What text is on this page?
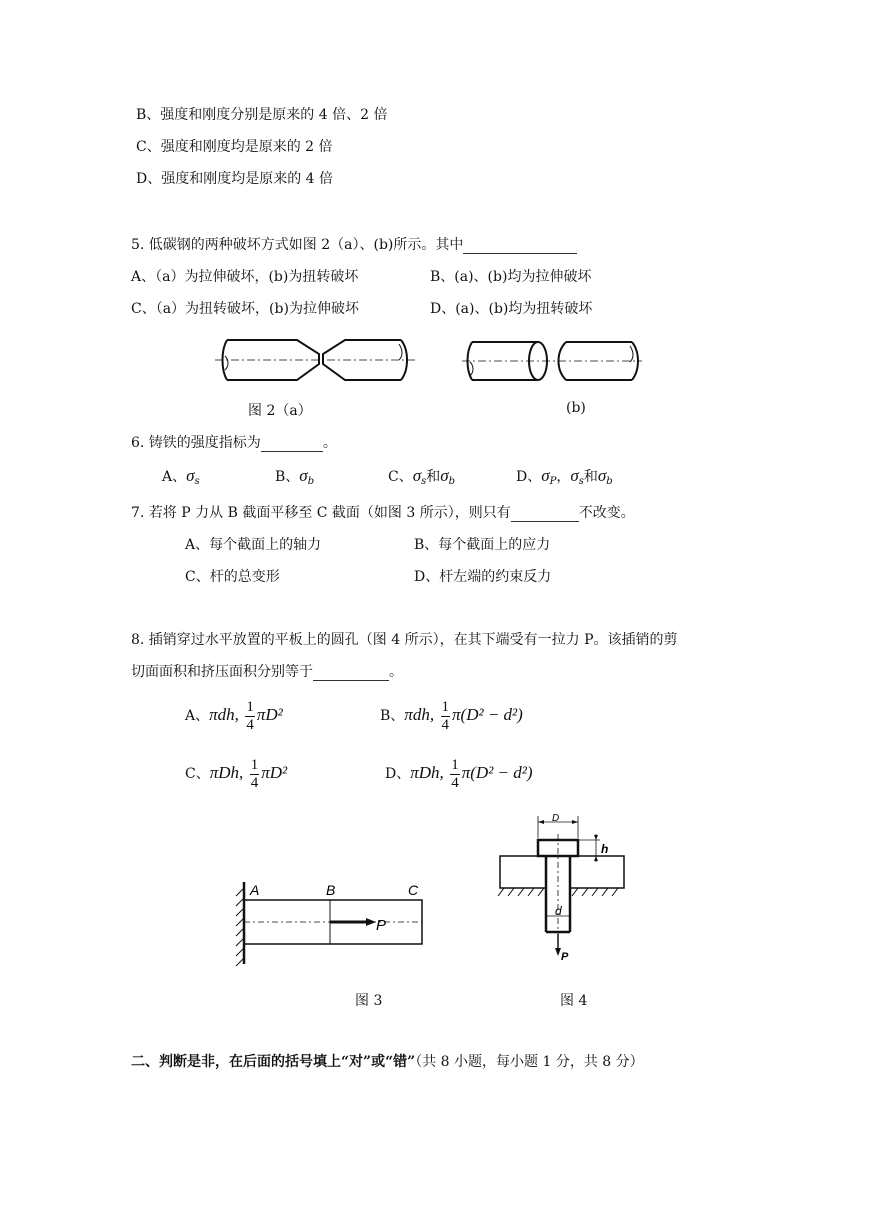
B、强度和刚度分别是原来的 4 倍、2 倍
C、强度和刚度均是原来的 2 倍
D、强度和刚度均是原来的 4 倍
5. 低碳钢的两种破坏方式如图 2（a）、(b)所示。其中
A、（a）为拉伸破坏，(b)为扭转破坏	B、(a)、(b)均为拉伸破坏
C、（a）为扭转破坏，(b)为拉伸破坏	D、(a)、(b)均为扭转破坏
图 2（a）	(b)
6. 铸铁的强度指标为	。
A、$\sigma_s$	B、$\sigma_b$	C、$\sigma_s$和$\sigma_b$	D、$\sigma_P$，$\sigma_s$和$\sigma_b$
7. 若将 P 力从 B 截面平移至 C 截面（如图 3 所示），则只有	不改变。
A、每个截面上的轴力	B、每个截面上的应力
C、杆的总变形	D、杆左端的约束反力
8. 插销穿过水平放置的平板上的圆孔（图 4 所示），在其下端受有一拉力 P。该插销的剪
切面面积和挤压面积分别等于	。
A、πdh, $\frac{1}{4} \pi D^2$	B、πdh, $\frac{1}{4} \pi(D^2 - d^2)$
C、πDh, $\frac{1}{4} \pi D^2$	D、πDh, $\frac{1}{4} \pi(D^2 - d^2)$
A	B	C
P
D
h
d
P
图 3	图 4
二、判断是非，在后面的括号填上“对”或“错”（共 8 小题，每小题 1 分，共 8 分）
